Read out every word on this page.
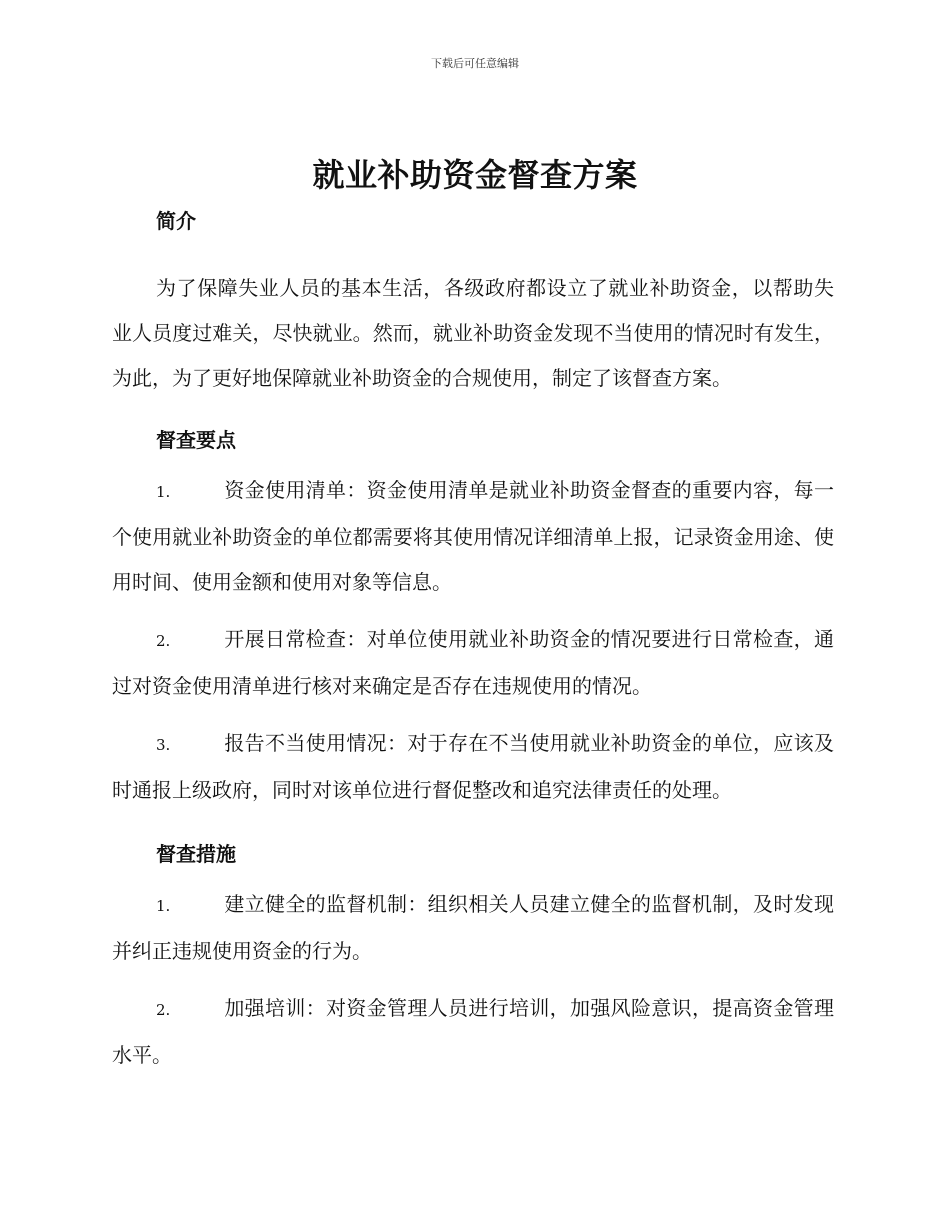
下载后可任意编辑
就业补助资金督查方案
简介

为了保障失业人员的基本生活，各级政府都设立了就业补助资金，以帮助失业人员度过难关，尽快就业。然而，就业补助资金发现不当使用的情况时有发生，为此，为了更好地保障就业补助资金的合规使用，制定了该督查方案。

督查要点

1.	资金使用清单：资金使用清单是就业补助资金督查的重要内容，每一个使用就业补助资金的单位都需要将其使用情况详细清单上报，记录资金用途、使用时间、使用金额和使用对象等信息。

2.	开展日常检查：对单位使用就业补助资金的情况要进行日常检查，通过对资金使用清单进行核对来确定是否存在违规使用的情况。

3.	报告不当使用情况：对于存在不当使用就业补助资金的单位，应该及时通报上级政府，同时对该单位进行督促整改和追究法律责任的处理。

督查措施

1.	建立健全的监督机制：组织相关人员建立健全的监督机制，及时发现并纠正违规使用资金的行为。

2.	加强培训：对资金管理人员进行培训，加强风险意识，提高资金管理水平。
